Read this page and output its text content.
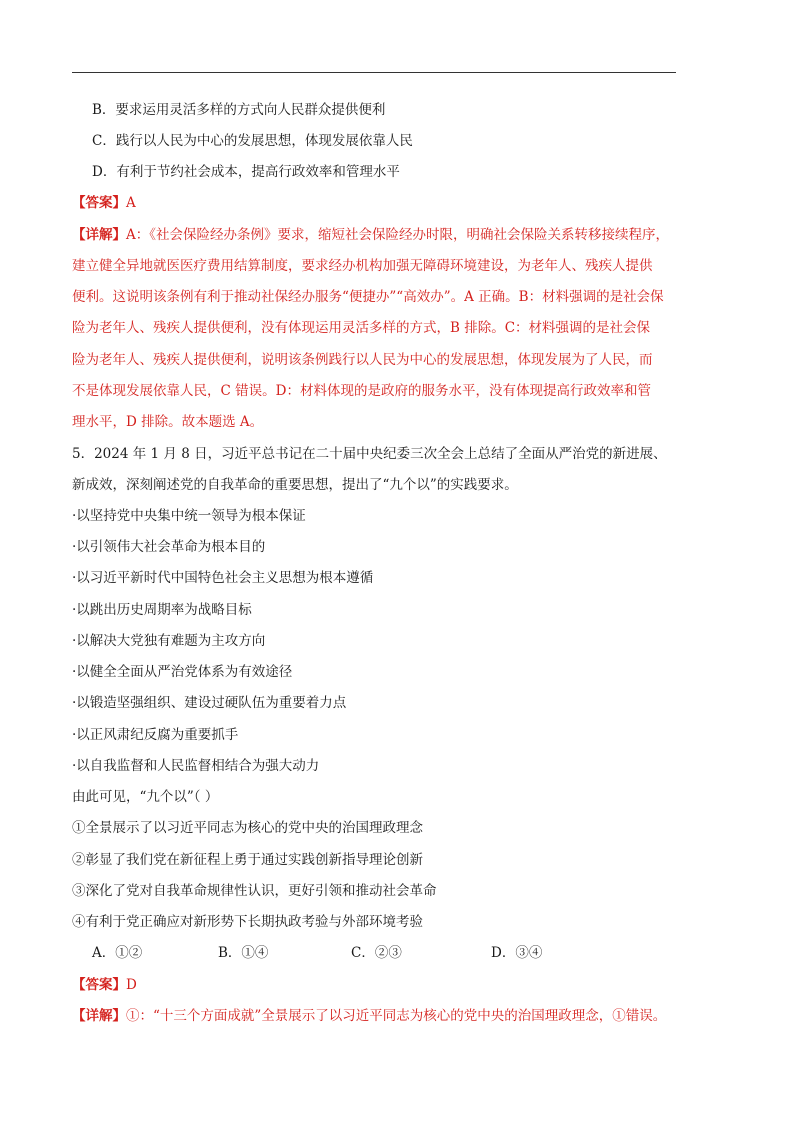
B．要求运用灵活多样的方式向人民群众提供便利
C．践行以人民为中心的发展思想，体现发展依靠人民
D．有利于节约社会成本，提高行政效率和管理水平
【答案】A
【详解】A：《社会保险经办条例》要求，缩短社会保险经办时限，明确社会保险关系转移接续程序，
建立健全异地就医医疗费用结算制度，要求经办机构加强无障碍环境建设，为老年人、残疾人提供
便利。这说明该条例有利于推动社保经办服务“便捷办”“高效办”。A 正确。B：材料强调的是社会保
险为老年人、残疾人提供便利，没有体现运用灵活多样的方式，B 排除。C：材料强调的是社会保
险为老年人、残疾人提供便利，说明该条例践行以人民为中心的发展思想，体现发展为了人民，而
不是体现发展依靠人民，C 错误。D：材料体现的是政府的服务水平，没有体现提高行政效率和管
理水平，D 排除。故本题选 A。
5．2024 年 1 月 8 日，习近平总书记在二十届中央纪委三次全会上总结了全面从严治党的新进展、
新成效，深刻阐述党的自我革命的重要思想，提出了“九个以”的实践要求。
·以坚持党中央集中统一领导为根本保证
·以引领伟大社会革命为根本目的
·以习近平新时代中国特色社会主义思想为根本遵循
·以跳出历史周期率为战略目标
·以解决大党独有难题为主攻方向
·以健全全面从严治党体系为有效途径
·以锻造坚强组织、建设过硬队伍为重要着力点
·以正风肃纪反腐为重要抓手
·以自我监督和人民监督相结合为强大动力
由此可见，“九个以”（ ）
①全景展示了以习近平同志为核心的党中央的治国理政理念
②彰显了我们党在新征程上勇于通过实践创新指导理论创新
③深化了党对自我革命规律性认识，更好引领和推动社会革命
④有利于党正确应对新形势下长期执政考验与外部环境考验
A．①②	B．①④	C．②③	D．③④
【答案】D
【详解】①：“十三个方面成就”全景展示了以习近平同志为核心的党中央的治国理政理念，①错误。
